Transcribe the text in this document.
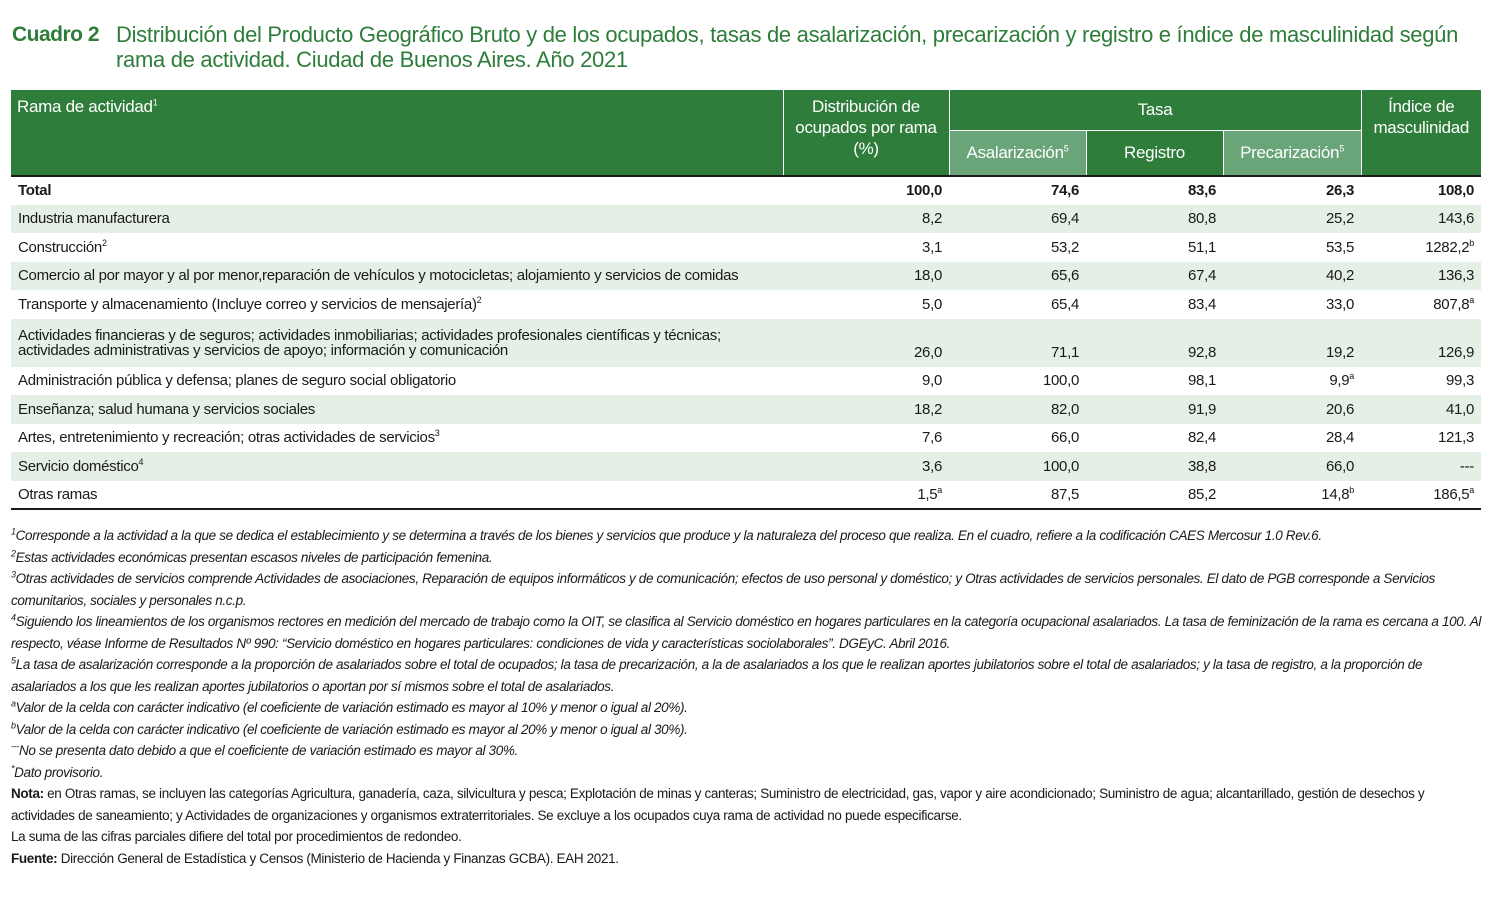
Cuadro 2 Distribución del Producto Geográfico Bruto y de los ocupados, tasas de asalarización, precarización y registro e índice de masculinidad según rama de actividad. Ciudad de Buenos Aires. Año 2021
Rama de actividad$^1$	Distribución de ocupados por rama (%)	Tasa			Índice de masculinidad
		Asalarización$^5$	Registro	Precarización$^5$
Total	100,0	74,6	83,6	26,3	108,0
Industria manufacturera	8,2	69,4	80,8	25,2	143,6
Construcción$^2$	3,1	53,2	51,1	53,5	1282,2$^b$
Comercio al por mayor y al por menor,reparación de vehículos y motocicletas; alojamiento y servicios de comidas	18,0	65,6	67,4	40,2	136,3
Transporte y almacenamiento (Incluye correo y servicios de mensajería)$^2$	5,0	65,4	83,4	33,0	807,8$^a$
Actividades financieras y de seguros; actividades inmobiliarias; actividades profesionales científicas y técnicas; actividades administrativas y servicios de apoyo; información y comunicación	26,0	71,1	92,8	19,2	126,9
Administración pública y defensa; planes de seguro social obligatorio	9,0	100,0	98,1	9,9$^a$	99,3
Enseñanza; salud humana y servicios sociales	18,2	82,0	91,9	20,6	41,0
Artes, entretenimiento y recreación; otras actividades de servicios$^3$	7,6	66,0	82,4	28,4	121,3
Servicio doméstico$^4$	3,6	100,0	38,8	66,0	---
Otras ramas	1,5$^a$	87,5	85,2	14,8$^b$	186,5$^a$
$^1$Corresponde a la actividad a la que se dedica el establecimiento y se determina a través de los bienes y servicios que produce y la naturaleza del proceso que realiza. En el cuadro, refiere a la codificación CAES Mercosur 1.0 Rev.6.
$^2$Estas actividades económicas presentan escasos niveles de participación femenina.
$^3$Otras actividades de servicios comprende Actividades de asociaciones, Reparación de equipos informáticos y de comunicación; efectos de uso personal y doméstico; y Otras actividades de servicios personales. El dato de PGB corresponde a Servicios comunitarios, sociales y personales n.c.p.
$^4$Siguiendo los lineamientos de los organismos rectores en medición del mercado de trabajo como la OIT, se clasifica al Servicio doméstico en hogares particulares en la categoría ocupacional asalariados. La tasa de feminización de la rama es cercana a 100. Al respecto, véase Informe de Resultados Nº 990: “Servicio doméstico en hogares particulares: condiciones de vida y características sociolaborales”. DGEyC. Abril 2016.
$^5$La tasa de asalarización corresponde a la proporción de asalariados sobre el total de ocupados; la tasa de precarización, a la de asalariados a los que le realizan aportes jubilatorios sobre el total de asalariados; y la tasa de registro, a la proporción de asalariados a los que les realizan aportes jubilatorios o aportan por sí mismos sobre el total de asalariados.
$^a$Valor de la celda con carácter indicativo (el coeficiente de variación estimado es mayor al 10% y menor o igual al 20%).
$^b$Valor de la celda con carácter indicativo (el coeficiente de variación estimado es mayor al 20% y menor o igual al 30%).
---No se presenta dato debido a que el coeficiente de variación estimado es mayor al 30%.
*Dato provisorio.
Nota: en Otras ramas, se incluyen las categorías Agricultura, ganadería, caza, silvicultura y pesca; Explotación de minas y canteras; Suministro de electricidad, gas, vapor y aire acondicionado; Suministro de agua; alcantarillado, gestión de desechos y actividades de saneamiento; y Actividades de organizaciones y organismos extraterritoriales. Se excluye a los ocupados cuya rama de actividad no puede especificarse.
La suma de las cifras parciales difiere del total por procedimientos de redondeo.
Fuente: Dirección General de Estadística y Censos (Ministerio de Hacienda y Finanzas GCBA). EAH 2021.
